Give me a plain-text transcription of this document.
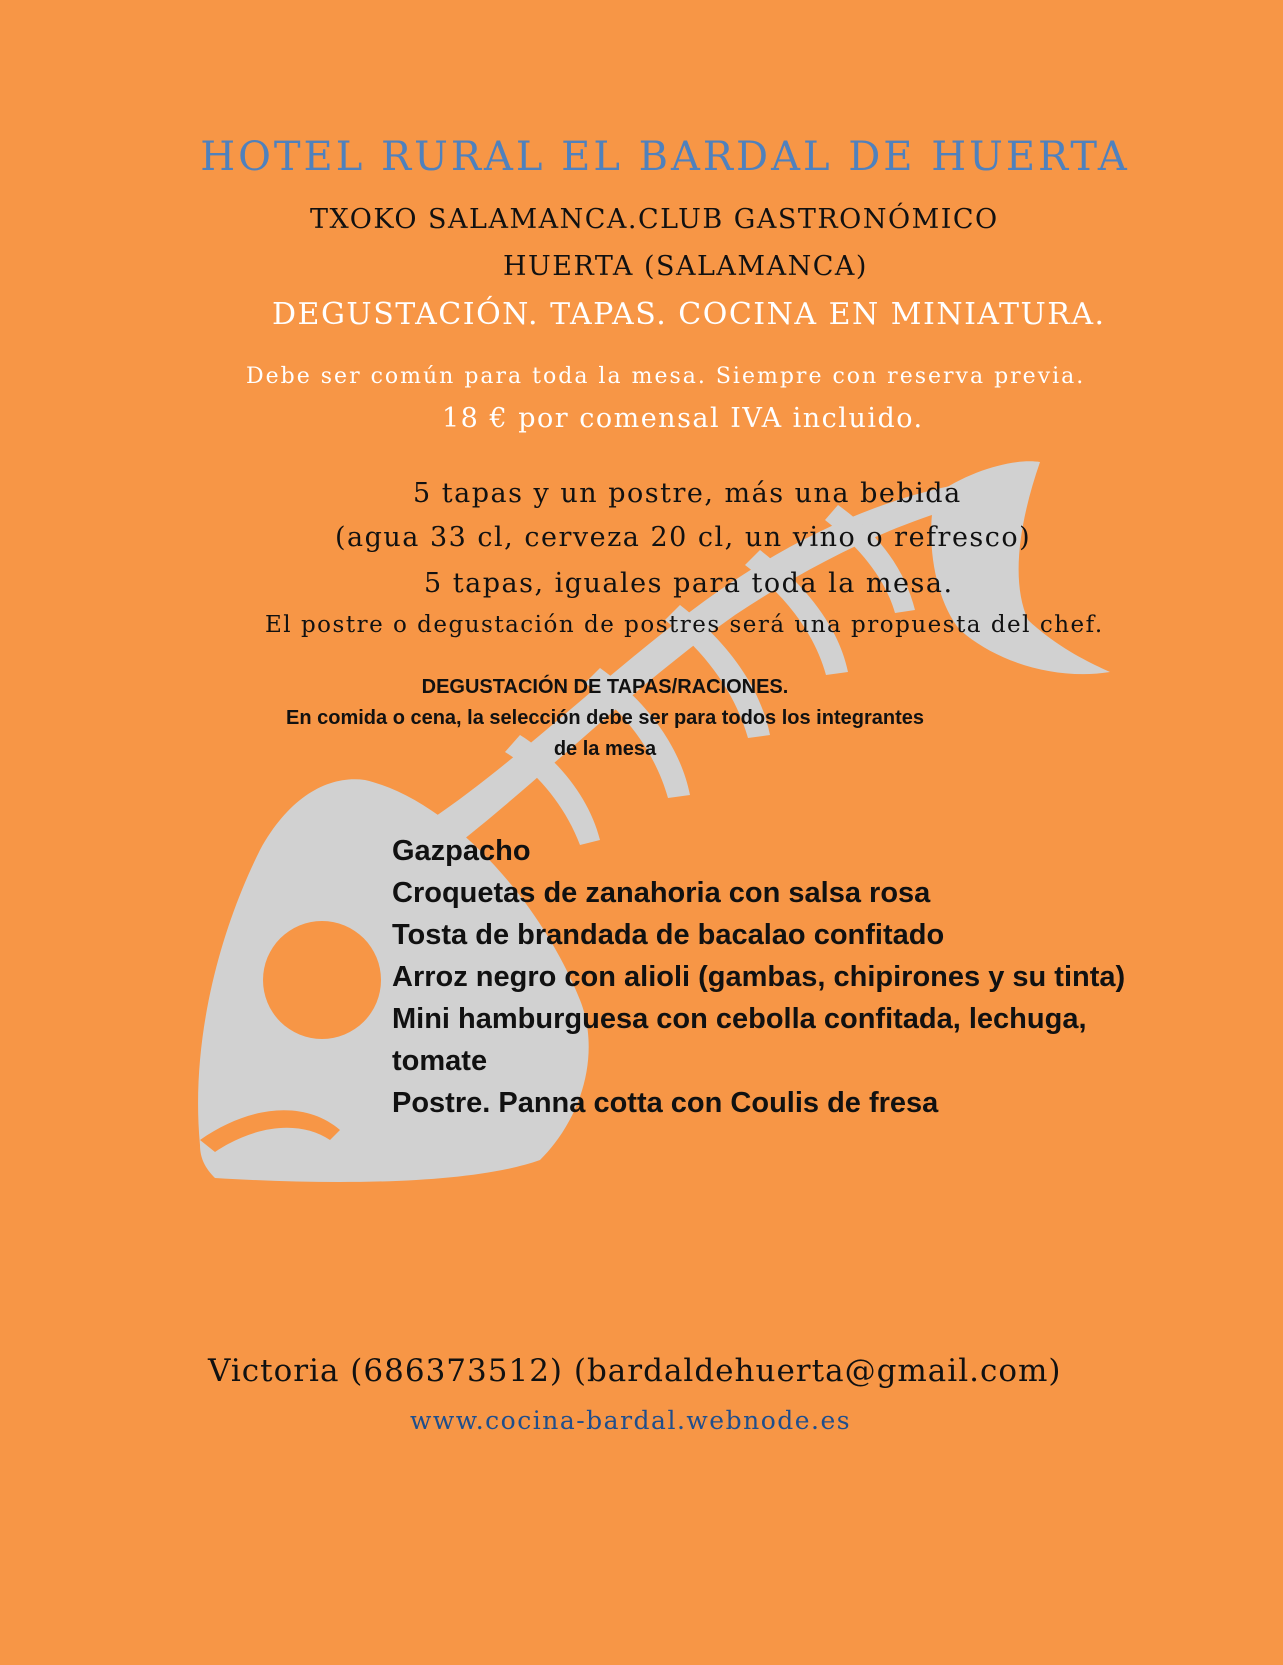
HOTEL RURAL EL BARDAL DE HUERTA

TXOKO SALAMANCA.CLUB GASTRONÓMICO

HUERTA (SALAMANCA)

DEGUSTACIÓN. TAPAS. COCINA EN MINIATURA.

Debe ser común para toda la mesa. Siempre con reserva previa.

18 € por comensal IVA incluido.

5 tapas y un postre, más una bebida

(agua 33 cl, cerveza 20 cl, un vino o refresco)

5 tapas, iguales para toda la mesa.

El postre o degustación de postres será una propuesta del chef.

DEGUSTACIÓN DE TAPAS/RACIONES.

En comida o cena, la selección debe ser para todos los integrantes

de la mesa

Gazpacho
Croquetas de zanahoria con salsa rosa
Tosta de brandada de bacalao confitado
Arroz negro con alioli (gambas, chipirones y su tinta)
Mini hamburguesa con cebolla confitada, lechuga, tomate
Postre. Panna cotta con Coulis de fresa

Victoria (686373512) (bardaldehuerta@gmail.com)

www.cocina-bardal.webnode.es
